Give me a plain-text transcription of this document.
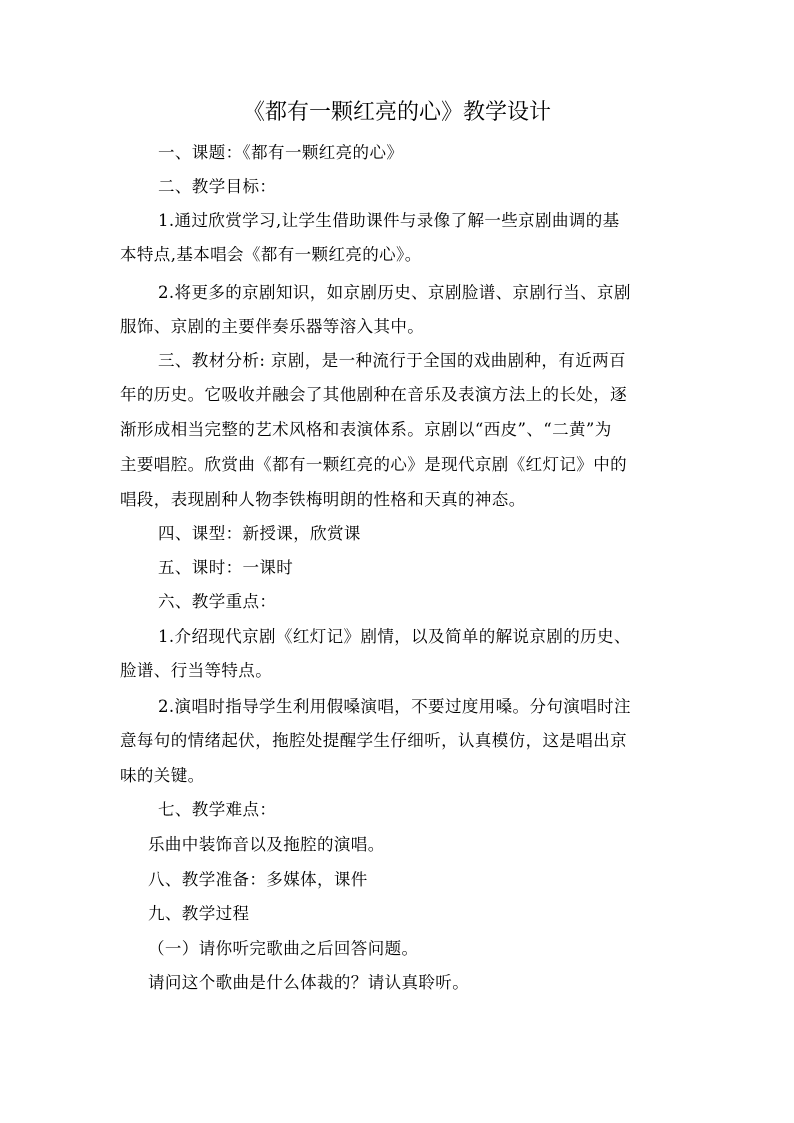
《都有一颗红亮的心》教学设计
一、课题：《都有一颗红亮的心》
二、教学目标：
1.通过欣赏学习,让学生借助课件与录像了解一些京剧曲调的基
本特点,基本唱会《都有一颗红亮的心》。
2.将更多的京剧知识，如京剧历史、京剧脸谱、京剧行当、京剧
服饰、京剧的主要伴奏乐器等溶入其中。
三、教材分析: 京剧，是一种流行于全国的戏曲剧种，有近两百
年的历史。它吸收并融会了其他剧种在音乐及表演方法上的长处，逐
渐形成相当完整的艺术风格和表演体系。京剧以“西皮”、“二黄”为
主要唱腔。欣赏曲《都有一颗红亮的心》是现代京剧《红灯记》中的
唱段，表现剧种人物李铁梅明朗的性格和天真的神态。
四、课型：新授课，欣赏课
五、课时：一课时
六、教学重点：
1.介绍现代京剧《红灯记》剧情，以及简单的解说京剧的历史、
脸谱、行当等特点。
2.演唱时指导学生利用假嗓演唱，不要过度用嗓。分句演唱时注
意每句的情绪起伏，拖腔处提醒学生仔细听，认真模仿，这是唱出京
味的关键。
七、教学难点：
乐曲中装饰音以及拖腔的演唱。
八、教学准备：多媒体，课件
九、教学过程
（一）请你听完歌曲之后回答问题。
请问这个歌曲是什么体裁的？请认真聆听。
